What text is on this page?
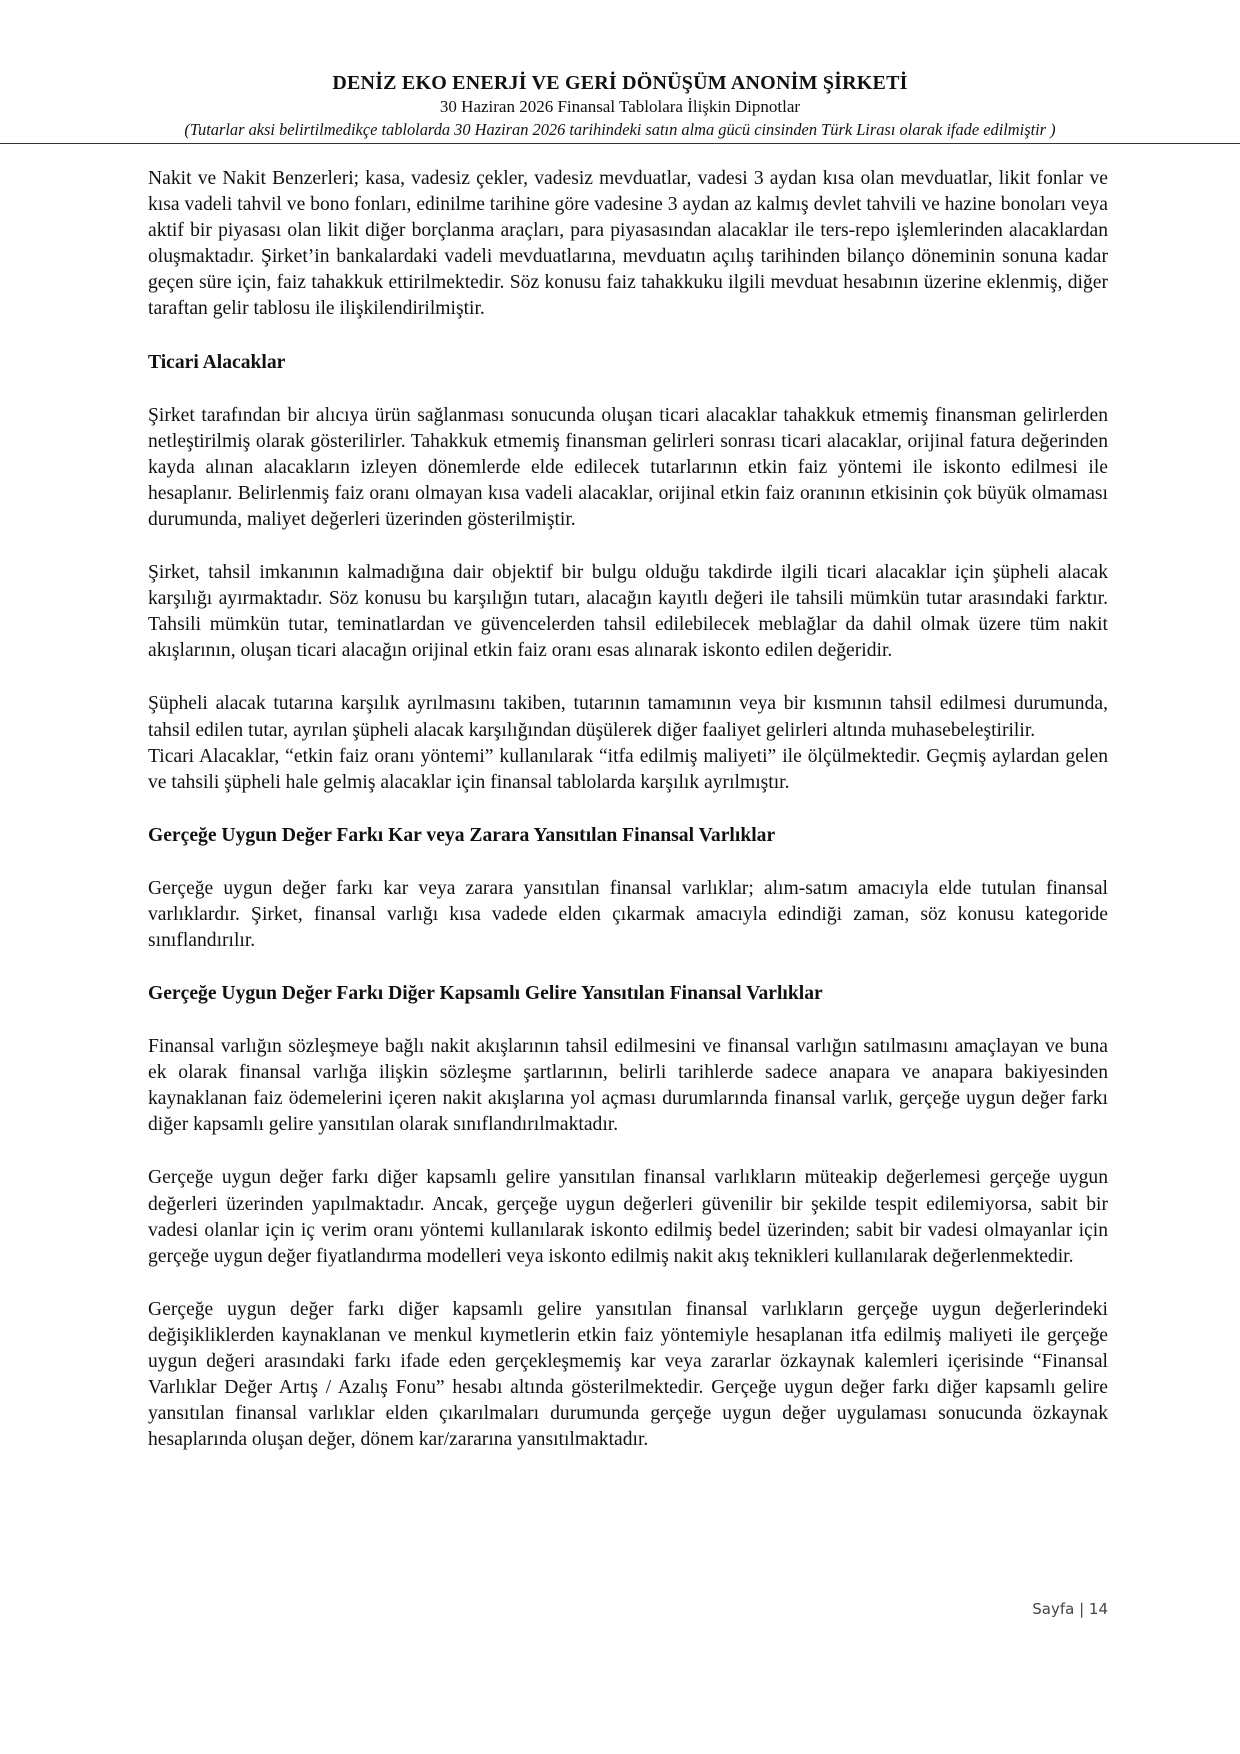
DENİZ EKO ENERJİ VE GERİ DÖNÜŞÜM ANONİM ŞİRKETİ
30 Haziran 2026 Finansal Tablolara İlişkin Dipnotlar
(Tutarlar aksi belirtilmedikçe tablolarda 30 Haziran 2026 tarihindeki satın alma gücü cinsinden Türk Lirası olarak ifade edilmiştir )

Nakit ve Nakit Benzerleri; kasa, vadesiz çekler, vadesiz mevduatlar, vadesi 3 aydan kısa olan mevduatlar, likit fonlar ve kısa vadeli tahvil ve bono fonları, edinilme tarihine göre vadesine 3 aydan az kalmış devlet tahvili ve hazine bonoları veya aktif bir piyasası olan likit diğer borçlanma araçları, para piyasasından alacaklar ile ters-repo işlemlerinden alacaklardan oluşmaktadır. Şirket’in bankalardaki vadeli mevduatlarına, mevduatın açılış tarihinden bilanço döneminin sonuna kadar geçen süre için, faiz tahakkuk ettirilmektedir. Söz konusu faiz tahakkuku ilgili mevduat hesabının üzerine eklenmiş, diğer taraftan gelir tablosu ile ilişkilendirilmiştir.

Ticari Alacaklar

Şirket tarafından bir alıcıya ürün sağlanması sonucunda oluşan ticari alacaklar tahakkuk etmemiş finansman gelirlerden netleştirilmiş olarak gösterilirler. Tahakkuk etmemiş finansman gelirleri sonrası ticari alacaklar, orijinal fatura değerinden kayda alınan alacakların izleyen dönemlerde elde edilecek tutarlarının etkin faiz yöntemi ile iskonto edilmesi ile hesaplanır. Belirlenmiş faiz oranı olmayan kısa vadeli alacaklar, orijinal etkin faiz oranının etkisinin çok büyük olmaması durumunda, maliyet değerleri üzerinden gösterilmiştir.

Şirket, tahsil imkanının kalmadığına dair objektif bir bulgu olduğu takdirde ilgili ticari alacaklar için şüpheli alacak karşılığı ayırmaktadır. Söz konusu bu karşılığın tutarı, alacağın kayıtlı değeri ile tahsili mümkün tutar arasındaki farktır. Tahsili mümkün tutar, teminatlardan ve güvencelerden tahsil edilebilecek meblağlar da dahil olmak üzere tüm nakit akışlarının, oluşan ticari alacağın orijinal etkin faiz oranı esas alınarak iskonto edilen değeridir.

Şüpheli alacak tutarına karşılık ayrılmasını takiben, tutarının tamamının veya bir kısmının tahsil edilmesi durumunda, tahsil edilen tutar, ayrılan şüpheli alacak karşılığından düşülerek diğer faaliyet gelirleri altında muhasebeleştirilir.

Ticari Alacaklar, “etkin faiz oranı yöntemi” kullanılarak “itfa edilmiş maliyeti” ile ölçülmektedir. Geçmiş aylardan gelen ve tahsili şüpheli hale gelmiş alacaklar için finansal tablolarda karşılık ayrılmıştır.

Gerçeğe Uygun Değer Farkı Kar veya Zarara Yansıtılan Finansal Varlıklar

Gerçeğe uygun değer farkı kar veya zarara yansıtılan finansal varlıklar; alım-satım amacıyla elde tutulan finansal varlıklardır. Şirket, finansal varlığı kısa vadede elden çıkarmak amacıyla edindiği zaman, söz konusu kategoride sınıflandırılır.

Gerçeğe Uygun Değer Farkı Diğer Kapsamlı Gelire Yansıtılan Finansal Varlıklar

Finansal varlığın sözleşmeye bağlı nakit akışlarının tahsil edilmesini ve finansal varlığın satılmasını amaçlayan ve buna ek olarak finansal varlığa ilişkin sözleşme şartlarının, belirli tarihlerde sadece anapara ve anapara bakiyesinden kaynaklanan faiz ödemelerini içeren nakit akışlarına yol açması durumlarında finansal varlık, gerçeğe uygun değer farkı diğer kapsamlı gelire yansıtılan olarak sınıflandırılmaktadır.

Gerçeğe uygun değer farkı diğer kapsamlı gelire yansıtılan finansal varlıkların müteakip değerlemesi gerçeğe uygun değerleri üzerinden yapılmaktadır. Ancak, gerçeğe uygun değerleri güvenilir bir şekilde tespit edilemiyorsa, sabit bir vadesi olanlar için iç verim oranı yöntemi kullanılarak iskonto edilmiş bedel üzerinden; sabit bir vadesi olmayanlar için gerçeğe uygun değer fiyatlandırma modelleri veya iskonto edilmiş nakit akış teknikleri kullanılarak değerlenmektedir.

Gerçeğe uygun değer farkı diğer kapsamlı gelire yansıtılan finansal varlıkların gerçeğe uygun değerlerindeki değişikliklerden kaynaklanan ve menkul kıymetlerin etkin faiz yöntemiyle hesaplanan itfa edilmiş maliyeti ile gerçeğe uygun değeri arasındaki farkı ifade eden gerçekleşmemiş kar veya zararlar özkaynak kalemleri içerisinde “Finansal Varlıklar Değer Artış / Azalış Fonu” hesabı altında gösterilmektedir. Gerçeğe uygun değer farkı diğer kapsamlı gelire yansıtılan finansal varlıklar elden çıkarılmaları durumunda gerçeğe uygun değer uygulaması sonucunda özkaynak hesaplarında oluşan değer, dönem kar/zararına yansıtılmaktadır.

Sayfa | 14
